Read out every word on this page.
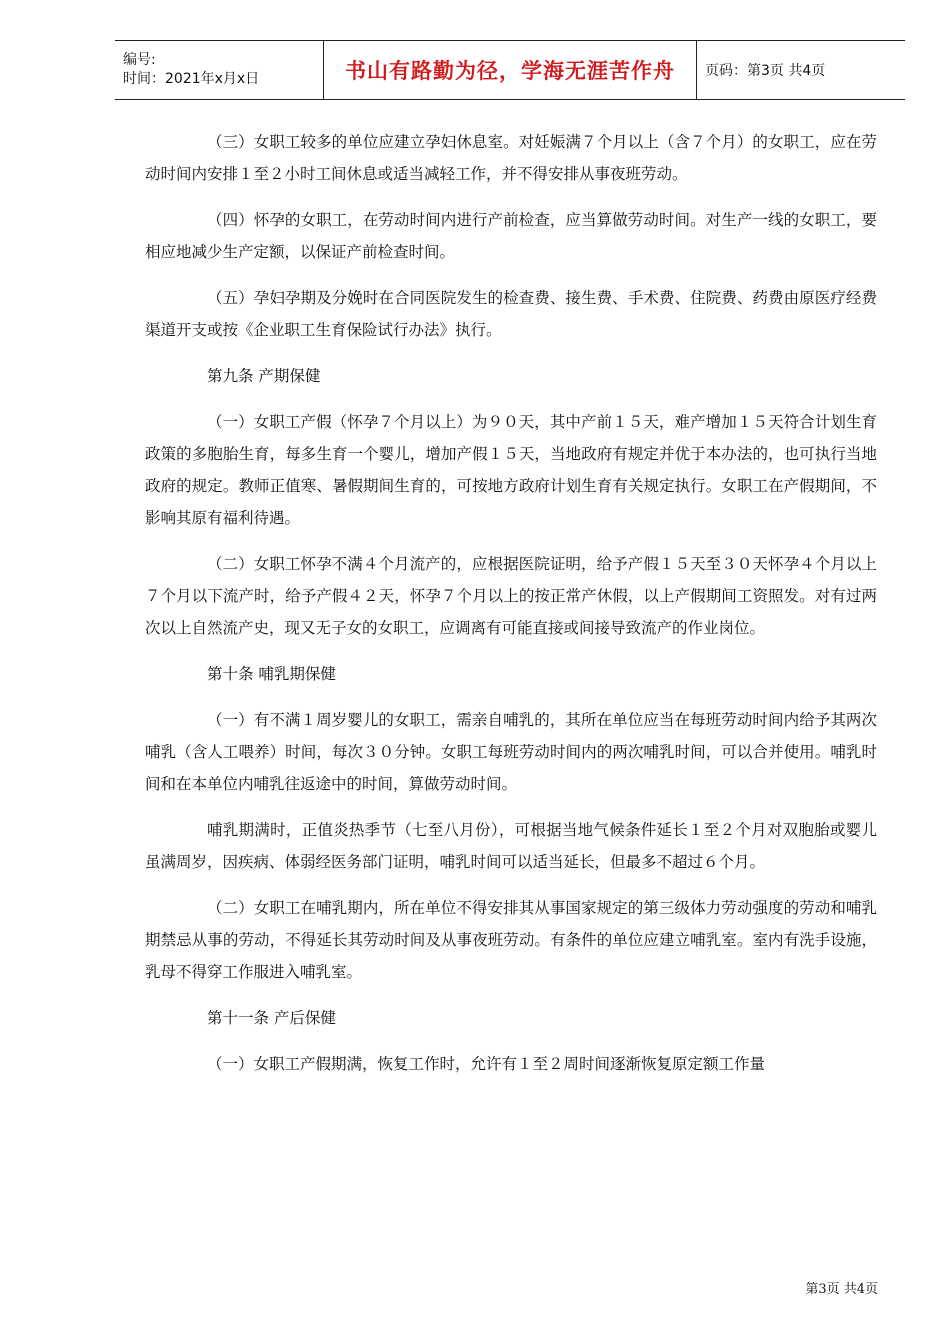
编号:
时间：2021年x月x日	书山有路勤为径，学海无涯苦作舟	页码：第3页 共4页

（三）女职工较多的单位应建立孕妇休息室。对妊娠满７个月以上（含７个月）的女职工，应在劳动时间内安排１至２小时工间休息或适当减轻工作，并不得安排从事夜班劳动。

（四）怀孕的女职工，在劳动时间内进行产前检查，应当算做劳动时间。对生产一线的女职工，要相应地减少生产定额，以保证产前检查时间。

（五）孕妇孕期及分娩时在合同医院发生的检查费、接生费、手术费、住院费、药费由原医疗经费渠道开支或按《企业职工生育保险试行办法》执行。

第九条 产期保健

（一）女职工产假（怀孕７个月以上）为９０天，其中产前１５天，难产增加１５天符合计划生育政策的多胞胎生育，每多生育一个婴儿，增加产假１５天，当地政府有规定并优于本办法的，也可执行当地政府的规定。教师正值寒、暑假期间生育的，可按地方政府计划生育有关规定执行。女职工在产假期间，不影响其原有福利待遇。

（二）女职工怀孕不满４个月流产的，应根据医院证明，给予产假１５天至３０天怀孕４个月以上７个月以下流产时，给予产假４２天，怀孕７个月以上的按正常产休假，以上产假期间工资照发。对有过两次以上自然流产史，现又无子女的女职工，应调离有可能直接或间接导致流产的作业岗位。

第十条 哺乳期保健

（一）有不满１周岁婴儿的女职工，需亲自哺乳的，其所在单位应当在每班劳动时间内给予其两次哺乳（含人工喂养）时间，每次３０分钟。女职工每班劳动时间内的两次哺乳时间，可以合并使用。哺乳时间和在本单位内哺乳往返途中的时间，算做劳动时间。

哺乳期满时，正值炎热季节（七至八月份），可根据当地气候条件延长１至２个月对双胞胎或婴儿虽满周岁，因疾病、体弱经医务部门证明，哺乳时间可以适当延长，但最多不超过６个月。

（二）女职工在哺乳期内，所在单位不得安排其从事国家规定的第三级体力劳动强度的劳动和哺乳期禁忌从事的劳动，不得延长其劳动时间及从事夜班劳动。有条件的单位应建立哺乳室。室内有洗手设施，乳母不得穿工作服进入哺乳室。

第十一条 产后保健

（一）女职工产假期满，恢复工作时，允许有１至２周时间逐渐恢复原定额工作量

第3页 共4页
